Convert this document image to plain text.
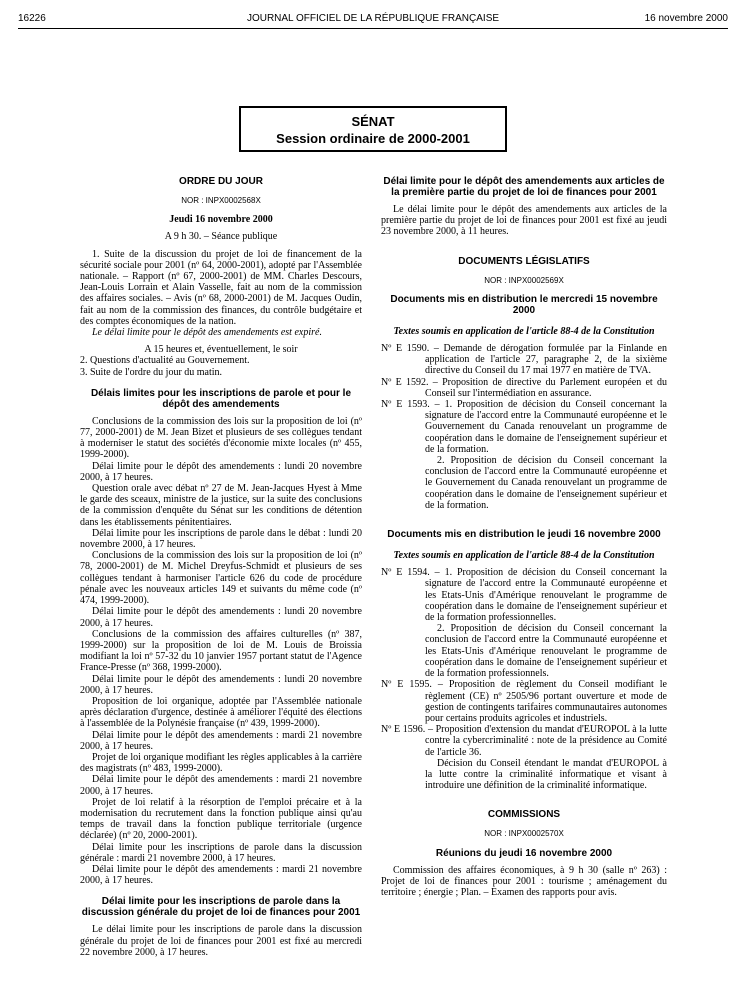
16226	JOURNAL OFFICIEL DE LA RÉPUBLIQUE FRANÇAISE	16 novembre 2000
SÉNAT
Session ordinaire de 2000-2001
ORDRE DU JOUR
NOR : INPX0002568X
Jeudi 16 novembre 2000
A 9 h 30. – Séance publique

1. Suite de la discussion du projet de loi de financement de la sécurité sociale pour 2001 (nº 64, 2000-2001), adopté par l'Assemblée nationale. – Rapport (nº 67, 2000-2001) de MM. Charles Descours, Jean-Louis Lorrain et Alain Vasselle, fait au nom de la commission des affaires sociales. – Avis (nº 68, 2000-2001) de M. Jacques Oudin, fait au nom de la commission des finances, du contrôle budgétaire et des comptes économiques de la nation.

Le délai limite pour le dépôt des amendements est expiré.

A 15 heures et, éventuellement, le soir

2. Questions d'actualité au Gouvernement.

3. Suite de l'ordre du jour du matin.

Délais limites pour les inscriptions de parole et pour le dépôt des amendements

Conclusions de la commission des lois sur la proposition de loi (nº 77, 2000-2001) de M. Jean Bizet et plusieurs de ses collègues tendant à moderniser le statut des sociétés d'économie mixte locales (nº 455, 1999-2000).

Délai limite pour le dépôt des amendements : lundi 20 novembre 2000, à 17 heures.

Question orale avec débat nº 27 de M. Jean-Jacques Hyest à Mme le garde des sceaux, ministre de la justice, sur la suite des conclusions de la commission d'enquête du Sénat sur les conditions de détention dans les établissements pénitentiaires.

Délai limite pour les inscriptions de parole dans le débat : lundi 20 novembre 2000, à 17 heures.

Conclusions de la commission des lois sur la proposition de loi (nº 78, 2000-2001) de M. Michel Dreyfus-Schmidt et plusieurs de ses collègues tendant à harmoniser l'article 626 du code de procédure pénale avec les nouveaux articles 149 et suivants du même code (nº 474, 1999-2000).

Délai limite pour le dépôt des amendements : lundi 20 novembre 2000, à 17 heures.

Conclusions de la commission des affaires culturelles (nº 387, 1999-2000) sur la proposition de loi de M. Louis de Broissia modifiant la loi nº 57-32 du 10 janvier 1957 portant statut de l'Agence France-Presse (nº 368, 1999-2000).

Délai limite pour le dépôt des amendements : lundi 20 novembre 2000, à 17 heures.

Proposition de loi organique, adoptée par l'Assemblée nationale après déclaration d'urgence, destinée à améliorer l'équité des élections à l'assemblée de la Polynésie française (nº 439, 1999-2000).

Délai limite pour le dépôt des amendements : mardi 21 novembre 2000, à 17 heures.

Projet de loi organique modifiant les règles applicables à la carrière des magistrats (nº 483, 1999-2000).

Délai limite pour le dépôt des amendements : mardi 21 novembre 2000, à 17 heures.

Projet de loi relatif à la résorption de l'emploi précaire et à la modernisation du recrutement dans la fonction publique ainsi qu'au temps de travail dans la fonction publique territoriale (urgence déclarée) (nº 20, 2000-2001).

Délai limite pour les inscriptions de parole dans la discussion générale : mardi 21 novembre 2000, à 17 heures.

Délai limite pour le dépôt des amendements : mardi 21 novembre 2000, à 17 heures.

Délai limite pour les inscriptions de parole dans la discussion générale du projet de loi de finances pour 2001

Le délai limite pour les inscriptions de parole dans la discussion générale du projet de loi de finances pour 2001 est fixé au mercredi 22 novembre 2000, à 17 heures.

Délai limite pour le dépôt des amendements aux articles de la première partie du projet de loi de finances pour 2001

Le délai limite pour le dépôt des amendements aux articles de la première partie du projet de loi de finances pour 2001 est fixé au jeudi 23 novembre 2000, à 11 heures.

DOCUMENTS LÉGISLATIFS
NOR : INPX0002569X
Documents mis en distribution le mercredi 15 novembre 2000
Textes soumis en application de l'article 88-4 de la Constitution

Nº E 1590. – Demande de dérogation formulée par la Finlande en application de l'article 27, paragraphe 2, de la sixième directive du Conseil du 17 mai 1977 en matière de TVA.

Nº E 1592. – Proposition de directive du Parlement européen et du Conseil sur l'intermédiation en assurance.

Nº E 1593. – 1. Proposition de décision du Conseil concernant la signature de l'accord entre la Communauté européenne et le Gouvernement du Canada renouvelant un programme de coopération dans le domaine de l'enseignement supérieur et de la formation.

2. Proposition de décision du Conseil concernant la conclusion de l'accord entre la Communauté européenne et le Gouvernement du Canada renouvelant un programme de coopération dans le domaine de l'enseignement supérieur et de la formation.

Documents mis en distribution le jeudi 16 novembre 2000
Textes soumis en application de l'article 88-4 de la Constitution

Nº E 1594. – 1. Proposition de décision du Conseil concernant la signature de l'accord entre la Communauté européenne et les Etats-Unis d'Amérique renouvelant le programme de coopération dans le domaine de l'enseignement supérieur et de la formation professionnelles.

2. Proposition de décision du Conseil concernant la conclusion de l'accord entre la Communauté européenne et les Etats-Unis d'Amérique renouvelant le programme de coopération dans le domaine de l'enseignement supérieur et de la formation professionnels.

Nº E 1595. – Proposition de règlement du Conseil modifiant le règlement (CE) nº 2505/96 portant ouverture et mode de gestion de contingents tarifaires communautaires autonomes pour certains produits agricoles et industriels.

Nº E 1596. – Proposition d'extension du mandat d'EUROPOL à la lutte contre la cybercriminalité : note de la présidence au Comité de l'article 36.

Décision du Conseil étendant le mandat d'EUROPOL à la lutte contre la criminalité informatique et visant à introduire une définition de la criminalité informatique.

COMMISSIONS
NOR : INPX0002570X
Réunions du jeudi 16 novembre 2000

Commission des affaires économiques, à 9 h 30 (salle nº 263) : Projet de loi de finances pour 2001 : tourisme ; aménagement du territoire ; énergie ; Plan. – Examen des rapports pour avis.
